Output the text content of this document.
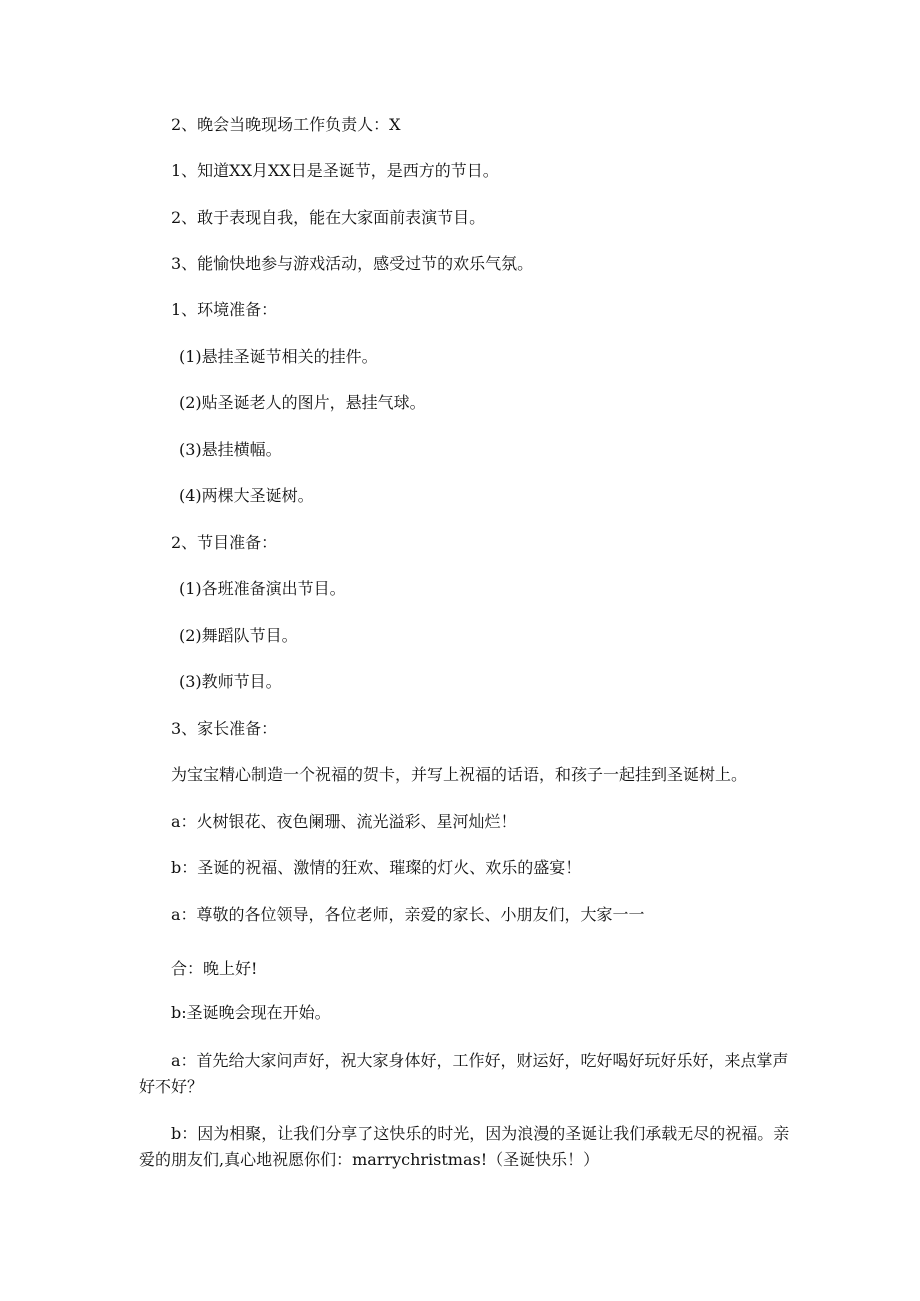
2、晚会当晚现场工作负责人：X
1、知道XX月XX日是圣诞节，是西方的节日。
2、敢于表现自我，能在大家面前表演节目。
3、能愉快地参与游戏活动，感受过节的欢乐气氛。
1、环境准备：
(1)悬挂圣诞节相关的挂件。
(2)贴圣诞老人的图片，悬挂气球。
(3)悬挂横幅。
(4)两棵大圣诞树。
2、节目准备：
(1)各班准备演出节目。
(2)舞蹈队节目。
(3)教师节目。
3、家长准备：
为宝宝精心制造一个祝福的贺卡，并写上祝福的话语，和孩子一起挂到圣诞树上。
a：火树银花、夜色阑珊、流光溢彩、星河灿烂！
b：圣诞的祝福、激情的狂欢、璀璨的灯火、欢乐的盛宴！
a：尊敬的各位领导，各位老师，亲爱的家长、小朋友们，大家一一
合：晚上好!
b:圣诞晚会现在开始。
a：首先给大家问声好，祝大家身体好，工作好，财运好，吃好喝好玩好乐好，来点掌声好不好？
b：因为相聚，让我们分享了这快乐的时光，因为浪漫的圣诞让我们承载无尽的祝福。亲爱的朋友们,真心地祝愿你们：marrychristmas!（圣诞快乐！）
